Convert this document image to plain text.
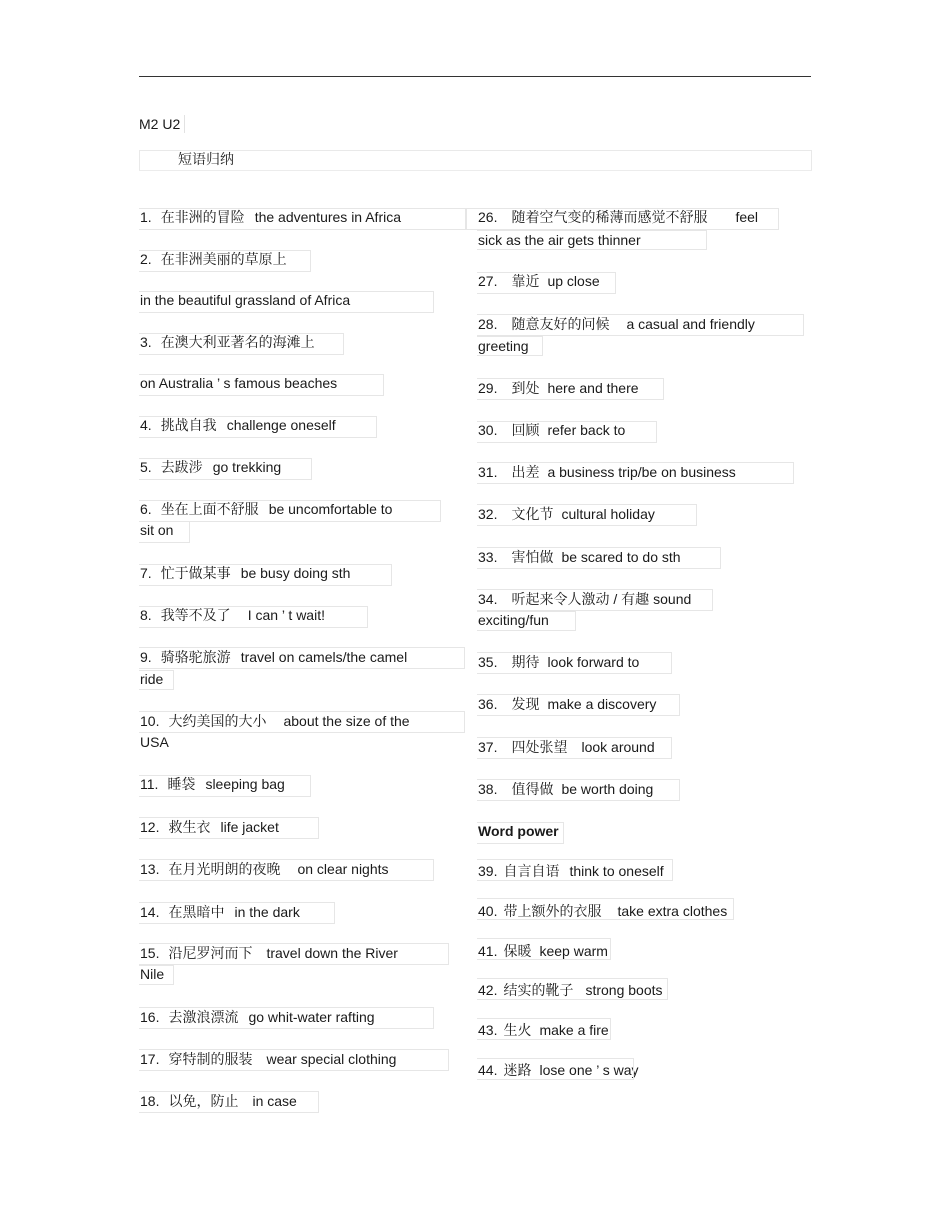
M2 U2
短语归纳
1. 在非洲的冒险 the adventures in Africa
2. 在非洲美丽的草原上
in the beautiful grassland of Africa
3. 在澳大利亚著名的海滩上
on Australia ’ s famous beaches
4. 挑战自我 challenge oneself
5. 去跋涉 go trekking
6. 坐在上面不舒服 be uncomfortable to
sit on
7. 忙于做某事 be busy doing sth
8. 我等不及了 I can ’ t wait!
9. 骑骆驼旅游 travel on camels/the camel
ride
10. 大约美国的大小 about the size of the
USA
11. 睡袋 sleeping bag
12. 救生衣 life jacket
13. 在月光明朗的夜晚 on clear nights
14. 在黑暗中 in the dark
15. 沿尼罗河而下 travel down the River
Nile
16. 去激浪漂流 go whit-water rafting
17. 穿特制的服装 wear special clothing
18. 以免，防止 in case
26. 随着空气变的稀薄而感觉不舒服 feel
sick as the air gets thinner
27. 靠近 up close
28. 随意友好的问候 a casual and friendly
greeting
29. 到处 here and there
30. 回顾 refer back to
31. 出差 a business trip/be on business
32. 文化节 cultural holiday
33. 害怕做 be scared to do sth
34. 听起来令人激动 / 有趣 sound
exciting/fun
35. 期待 look forward to
36. 发现 make a discovery
37. 四处张望 look around
38. 值得做 be worth doing
Word power
39. 自言自语 think to oneself
40. 带上额外的衣服 take extra clothes
41. 保暖 keep warm
42. 结实的靴子 strong boots
43. 生火 make a fire
44. 迷路 lose one ’ s way
